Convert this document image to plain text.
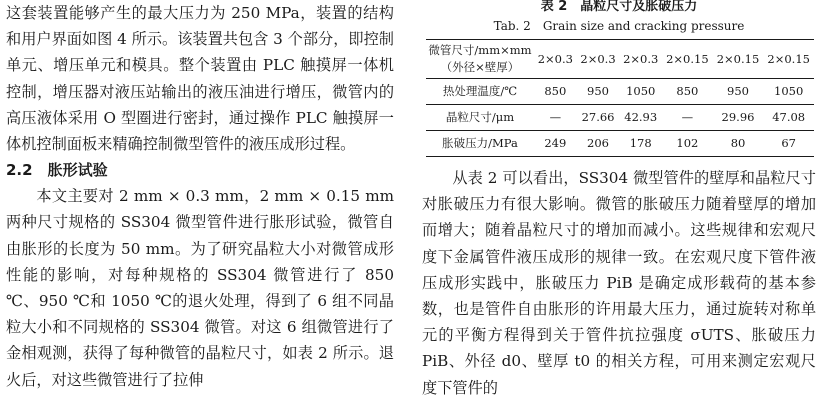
这套装置能够产生的最大压力为 250 MPa，装置的结构和用户界面如图 4 所示。该装置共包含 3 个部分，即控制单元、增压单元和模具。整个装置由 PLC 触摸屏一体机控制，增压器对液压站输出的液压油进行增压，微管内的高压液体采用 O 型圈进行密封，通过操作 PLC 触摸屏一体机控制面板来精确控制微型管件的液压成形过程。

2.2　胀形试验

本文主要对 2 mm × 0.3 mm，2 mm × 0.15 mm 两种尺寸规格的 SS304 微型管件进行胀形试验，微管自由胀形的长度为 50 mm。为了研究晶粒大小对微管成形性能的影响，对每种规格的 SS304 微管进行了 850 ℃、950 ℃和 1050 ℃的退火处理，得到了 6 组不同晶粒大小和不同规格的 SS304 微管。对这 6 组微管进行了金相观测，获得了每种微管的晶粒尺寸，如表 2 所示。退火后，对这些微管进行了拉伸

表 2　晶粒尺寸及胀破压力
Tab. 2　Grain size and cracking pressure
微管尺寸/mm×mm（外径×壁厚）	2×0.3	2×0.3	2×0.3	2×0.15	2×0.15	2×0.15
热处理温度/℃	850	950	1050	850	950	1050
晶粒尺寸/μm	—	27.66	42.93	—	29.96	47.08
胀破压力/MPa	249	206	178	102	80	67

从表 2 可以看出，SS304 微型管件的壁厚和晶粒尺寸对胀破压力有很大影响。微管的胀破压力随着壁厚的增加而增大；随着晶粒尺寸的增加而减小。这些规律和宏观尺度下金属管件液压成形的规律一致。在宏观尺度下管件液压成形实践中，胀破压力 PiB 是确定成形载荷的基本参数，也是管件自由胀形的许用最大压力，通过旋转对称单元的平衡方程得到关于管件抗拉强度 σUTS、胀破压力 PiB、外径 d0、壁厚 t0 的相关方程，可用来测定宏观尺度下管件的
